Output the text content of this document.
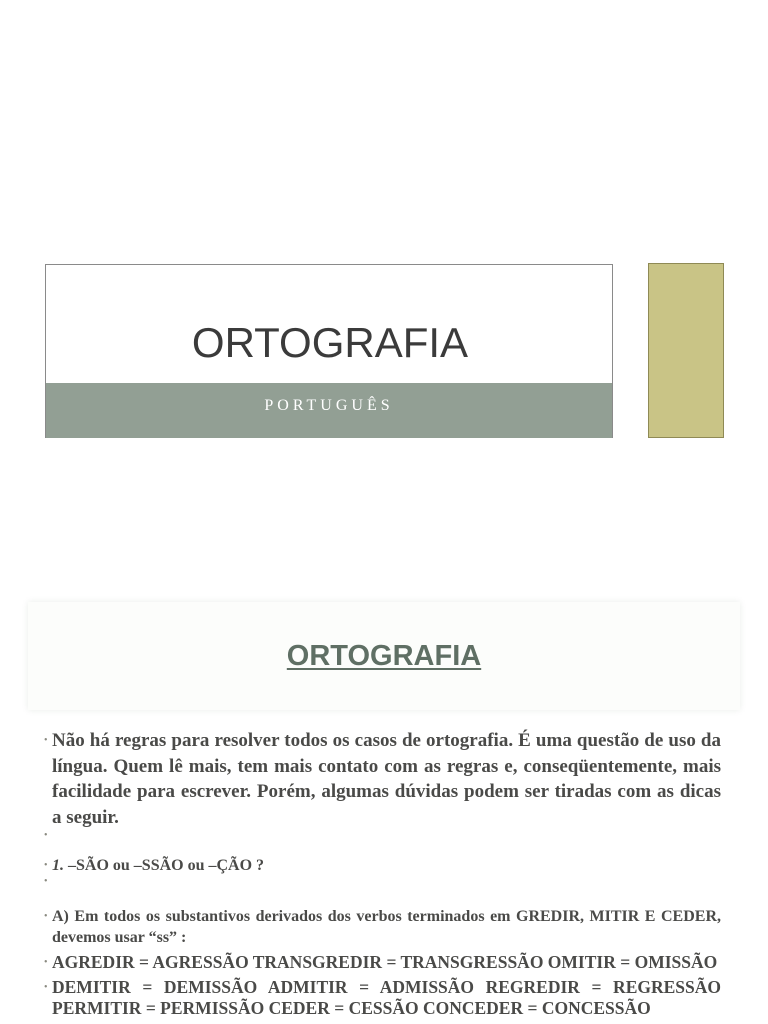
ORTOGRAFIA
PORTUGUÊS
ORTOGRAFIA

• Não há regras para resolver todos os casos de ortografia. É uma questão de uso da língua. Quem lê mais, tem mais contato com as regras e, conseqüentemente, mais facilidade para escrever. Porém, algumas dúvidas podem ser tiradas com as dicas a seguir.

•

• 1. –SÃO ou –SSÃO ou –ÇÃO ?

•

• A) Em todos os substantivos derivados dos verbos terminados em GREDIR, MITIR E CEDER, devemos usar “ss” :

• AGREDIR = AGRESSÃO TRANSGREDIR = TRANSGRESSÃO OMITIR = OMISSÃO

• DEMITIR = DEMISSÃO ADMITIR = ADMISSÃO REGREDIR = REGRESSÃO PERMITIR = PERMISSÃO CEDER = CESSÃO CONCEDER = CONCESSÃO
